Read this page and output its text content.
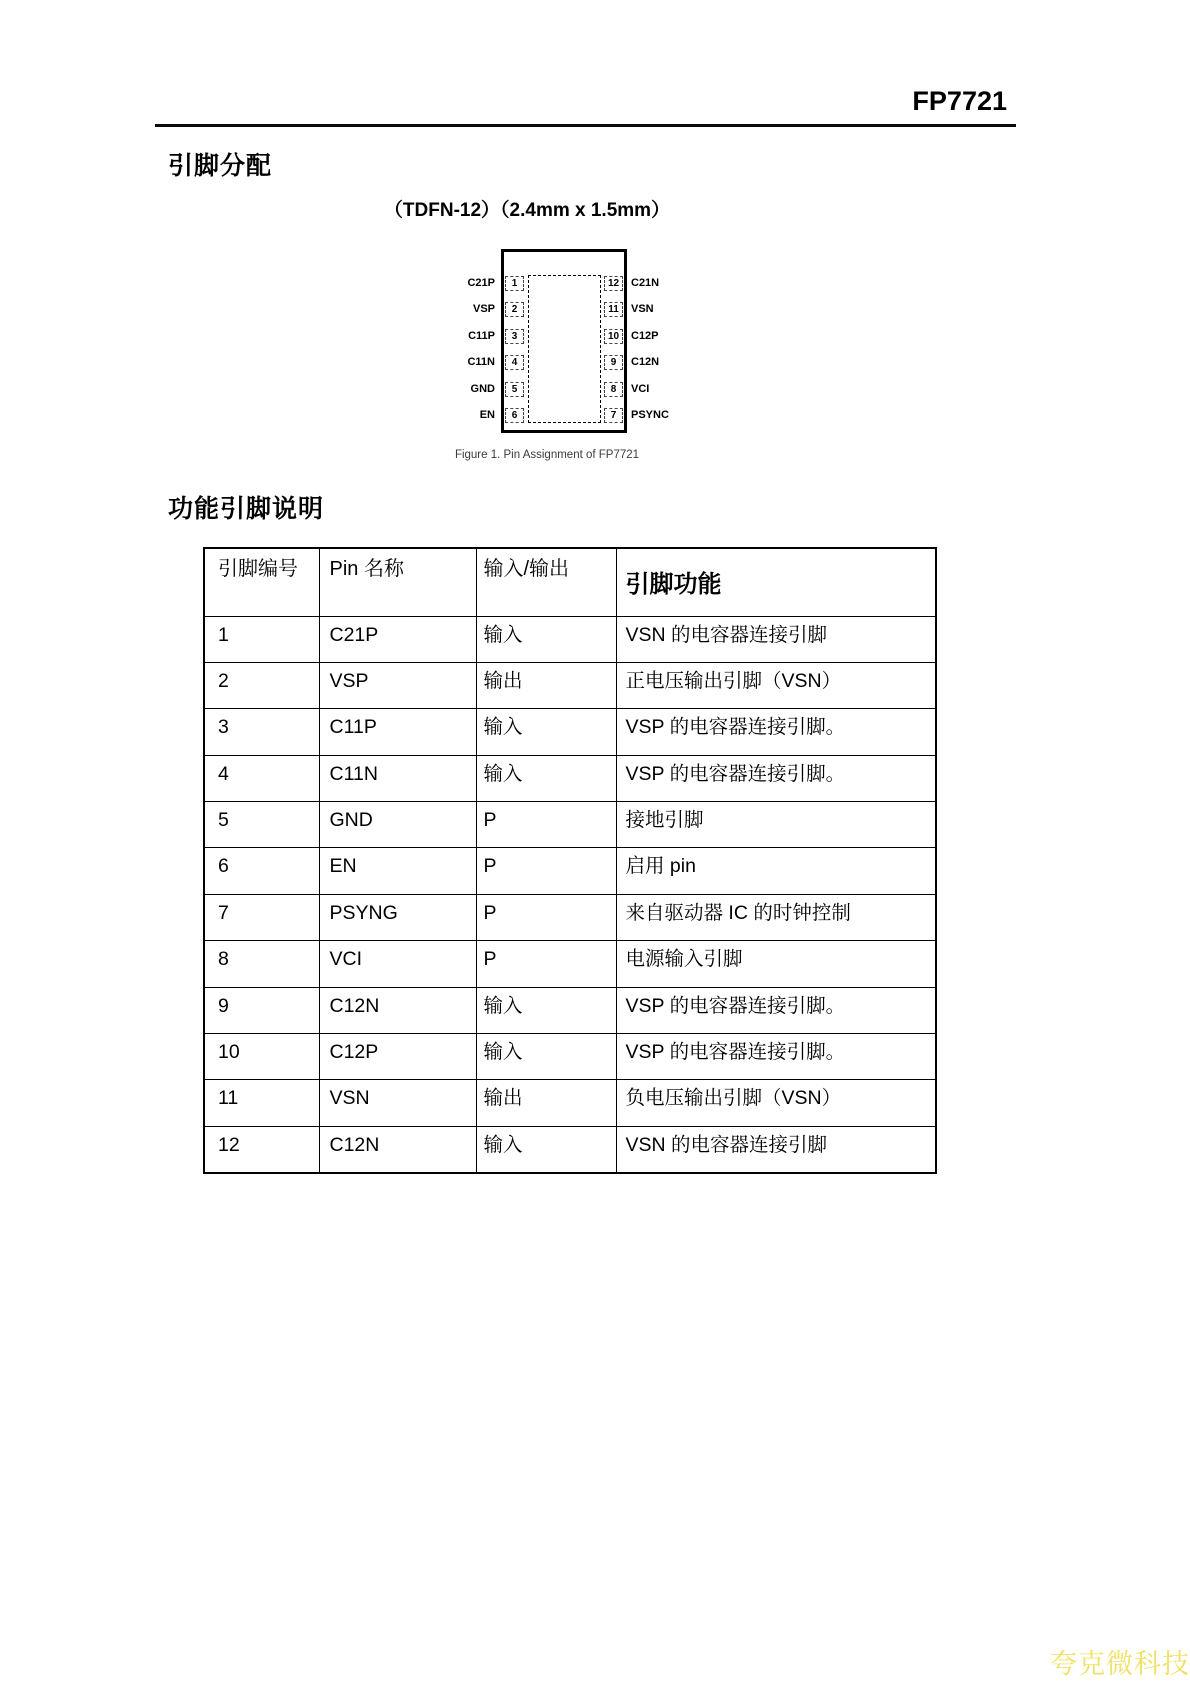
FP7721
引脚分配
（TDFN-12）（2.4mm x 1.5mm）
C21P	1
VSP	2
C11P	3
C11N	4
GND	5
EN	6
12	C21N
11	VSN
10	C12P
9	C12N
8	VCI
7	PSYNC
Figure 1. Pin Assignment of FP7721
功能引脚说明
引脚编号	Pin 名称	输入/输出	引脚功能
1	C21P	输入	VSN 的电容器连接引脚
2	VSP	输出	正电压输出引脚（VSN）
3	C11P	输入	VSP 的电容器连接引脚。
4	C11N	输入	VSP 的电容器连接引脚。
5	GND	P	接地引脚
6	EN	P	启用 pin
7	PSYNG	P	来自驱动器 IC 的时钟控制
8	VCI	P	电源输入引脚
9	C12N	输入	VSP 的电容器连接引脚。
10	C12P	输入	VSP 的电容器连接引脚。
11	VSN	输出	负电压输出引脚（VSN）
12	C12N	输入	VSN 的电容器连接引脚
夸克微科技
